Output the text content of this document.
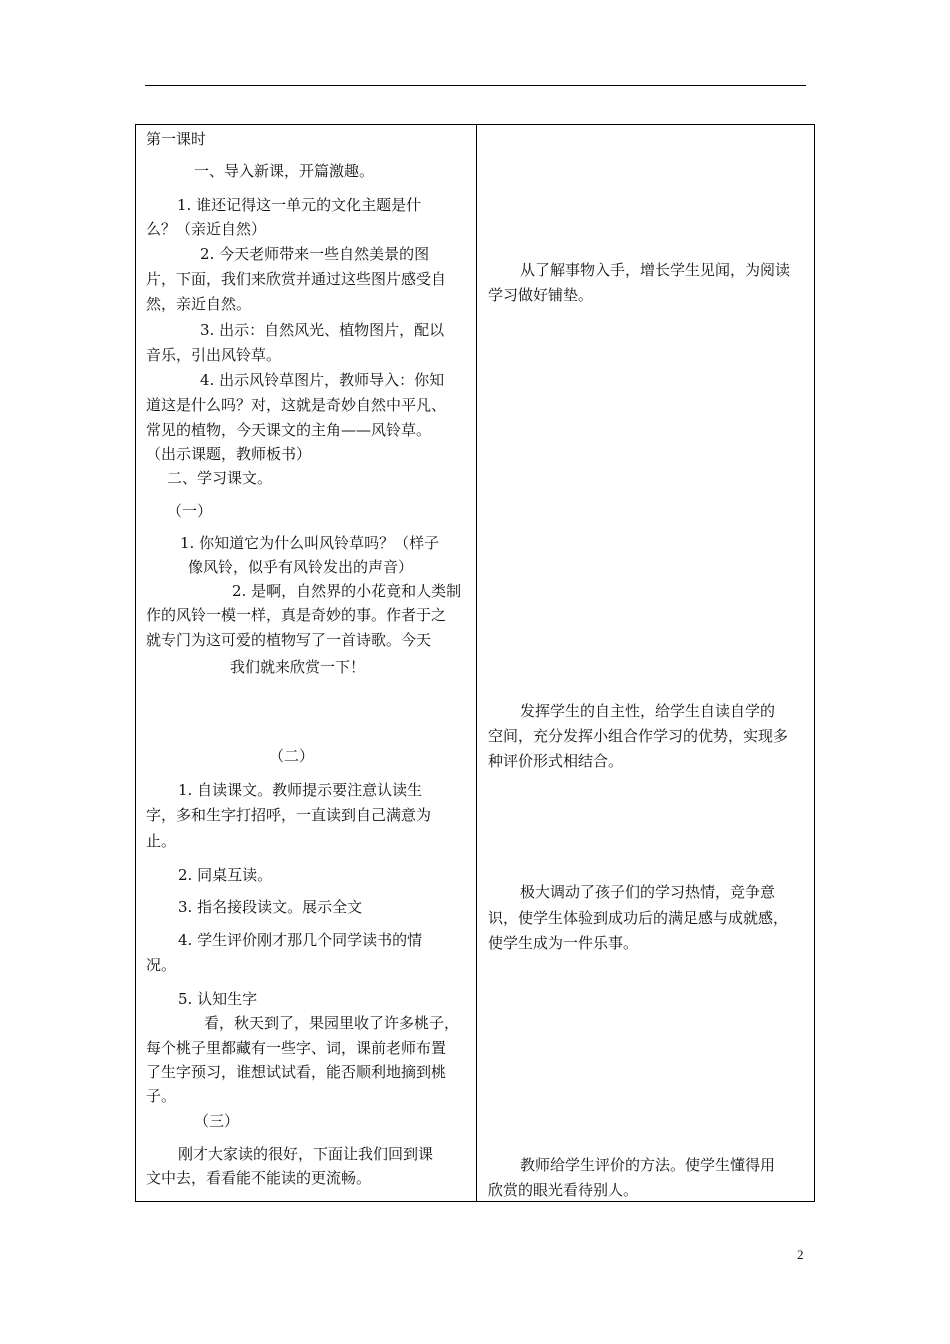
第一课时
一、导入新课，开篇激趣。
1. 谁还记得这一单元的文化主题是什
么？（亲近自然）
2. 今天老师带来一些自然美景的图
片，下面，我们来欣赏并通过这些图片感受自
然，亲近自然。
3. 出示：自然风光、植物图片，配以
音乐，引出风铃草。
4. 出示风铃草图片，教师导入：你知
道这是什么吗？对，这就是奇妙自然中平凡、
常见的植物，今天课文的主角——风铃草。
（出示课题，教师板书）
二、学习课文。
（一）
1. 你知道它为什么叫风铃草吗？（样子
像风铃，似乎有风铃发出的声音）
2. 是啊，自然界的小花竟和人类制
作的风铃一模一样，真是奇妙的事。作者于之
就专门为这可爱的植物写了一首诗歌。今天
我们就来欣赏一下！
（二）
1. 自读课文。教师提示要注意认读生
字，多和生字打招呼，一直读到自己满意为
止。
2. 同桌互读。
3. 指名接段读文。展示全文
4. 学生评价刚才那几个同学读书的情
况。
5. 认知生字
看，秋天到了，果园里收了许多桃子，
每个桃子里都藏有一些字、词，课前老师布置
了生字预习，谁想试试看，能否顺利地摘到桃
子。
（三）
刚才大家读的很好，下面让我们回到课
文中去，看看能不能读的更流畅。
从了解事物入手，增长学生见闻，为阅读
学习做好铺垫。
发挥学生的自主性，给学生自读自学的
空间，充分发挥小组合作学习的优势，实现多
种评价形式相结合。
极大调动了孩子们的学习热情，竞争意
识，使学生体验到成功后的满足感与成就感，
使学生成为一件乐事。
教师给学生评价的方法。使学生懂得用
欣赏的眼光看待别人。
2
